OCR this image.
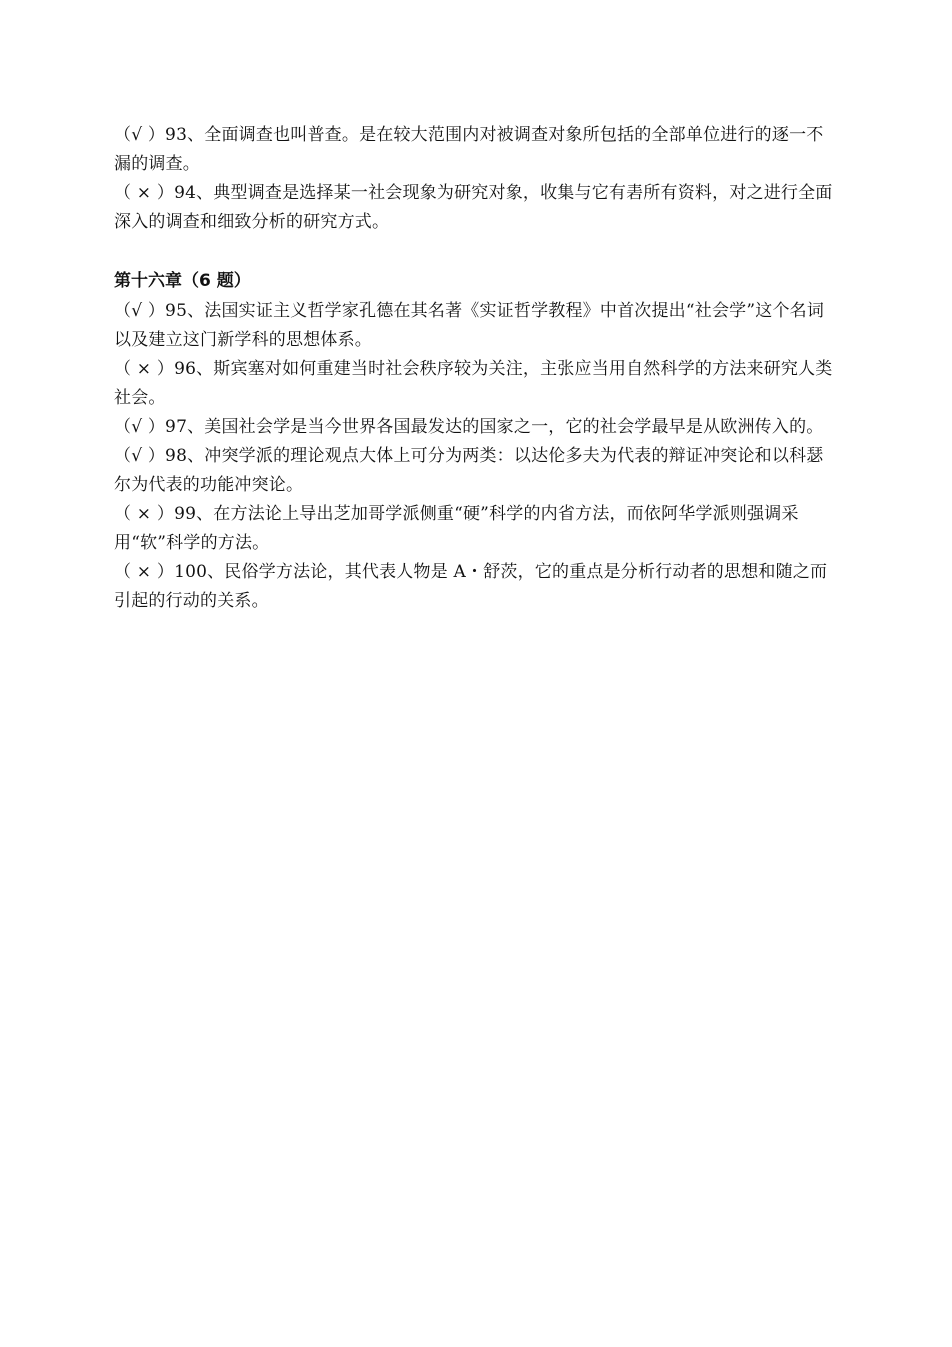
（√ ）93、全面调查也叫普查。是在较大范围内对被调查对象所包括的全部单位进行的逐一不漏的调查。

（ × ）94、典型调查是选择某一社会现象为研究对象，收集与它有砉所有资料，对之进行全面深入的调查和细致分析的研究方式。

第十六章（6 题）

（√ ）95、法国实证主义哲学家孔德在其名著《实证哲学教程》中首次提出“社会学”这个名词以及建立这门新学科的思想体系。

（ × ）96、斯宾塞对如何重建当时社会秩序较为关注，主张应当用自然科学的方法来研究人类社会。

（√ ）97、美国社会学是当今世界各国最发达的国家之一，它的社会学最早是从欧洲传入的。

（√ ）98、冲突学派的理论观点大体上可分为两类：以达伦多夫为代表的辩证冲突论和以科瑟尔为代表的功能冲突论。

（ × ）99、在方法论上导出芝加哥学派侧重“硬”科学的内省方法，而依阿华学派则强调采用“软”科学的方法。

（ × ）100、民俗学方法论，其代表人物是 A・舒茨，它的重点是分析行动者的思想和随之而引起的行动的关系。
